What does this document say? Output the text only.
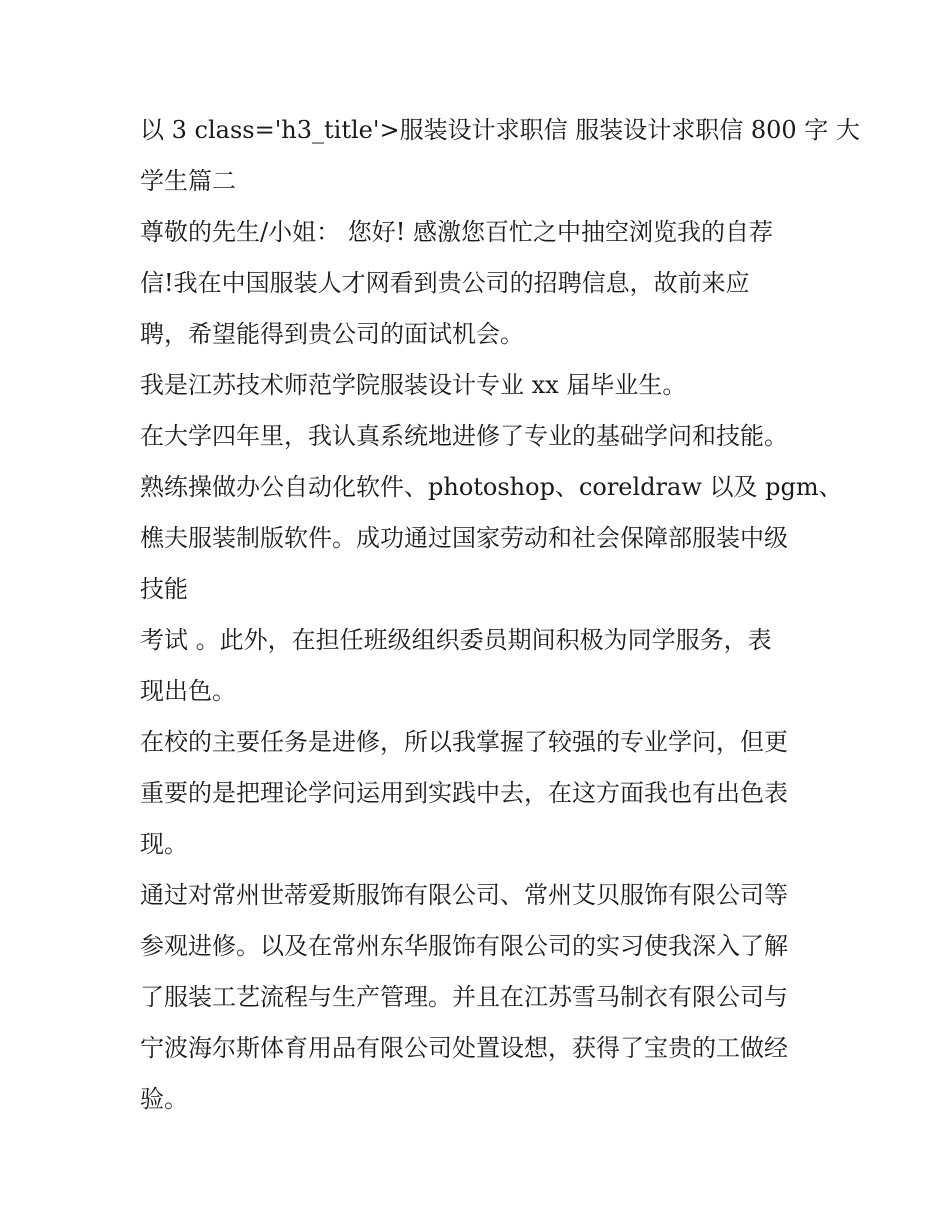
以 3 class='h3_title'>服装设计求职信 服装设计求职信 800 字 大
学生篇二

尊敬的先生/小姐： 您好! 感激您百忙之中抽空浏览我的自荐
信!我在中国服装人才网看到贵公司的招聘信息，故前来应
聘，希望能得到贵公司的面试机会。

我是江苏技术师范学院服装设计专业 xx 届毕业生。

在大学四年里，我认真系统地进修了专业的基础学问和技能。

熟练操做办公自动化软件、photoshop、coreldraw 以及 pgm、
樵夫服装制版软件。成功通过国家劳动和社会保障部服装中级
技能

考试 。此外，在担任班级组织委员期间积极为同学服务，表
现出色。

在校的主要任务是进修，所以我掌握了较强的专业学问，但更
重要的是把理论学问运用到实践中去，在这方面我也有出色表
现。

通过对常州世蒂爱斯服饰有限公司、常州艾贝服饰有限公司等
参观进修。以及在常州东华服饰有限公司的实习使我深入了解
了服装工艺流程与生产管理。并且在江苏雪马制衣有限公司与
宁波海尔斯体育用品有限公司处置设想，获得了宝贵的工做经
验。
